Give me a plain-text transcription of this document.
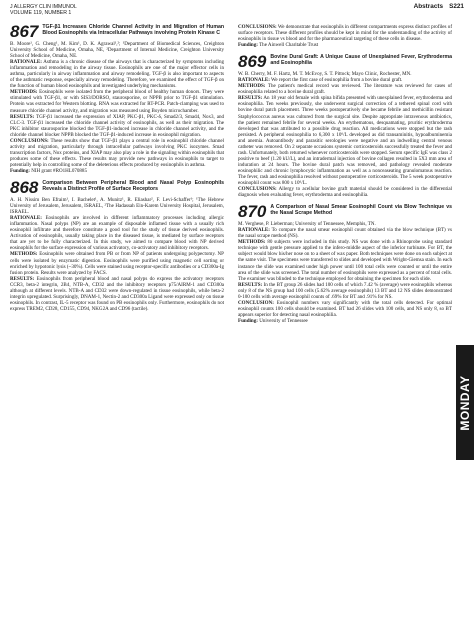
J ALLERGY CLIN IMMUNOL
VOLUME 119, NUMBER 1
Abstracts S221
867 TGF-β1 Increases Chloride Channel Activity in and Migration of Human Blood Eosinophils via Intracellular Pathways involving Protein Kinase C
B. Moore¹, G. Cheng¹, M. Kim¹, D. K. Agrawal¹,²; ¹Department of Biomedical Sciences, Creighton University School of Medicine, Omaha, NE, ²Department of Internal Medicine, Creighton University School of Medicine, Omaha, NE.

RATIONALE: Asthma is a chronic disease of the airways that is characterized by symptoms including inflammation and remodeling in the airway tissue. Eosinophils are one of the major effector cells in asthma, particularly in airway inflammation and airway remodeling. TGF-β is also important to aspects of the asthmatic response, especially airway remodeling. Therefore, we examined the effect of TGF-β on the function of human blood eosinophils and investigated underlying mechanisms.

METHODS: Eosinophils were isolated from the peripheral blood of healthy human donors. They were stimulated with TGF-β1, or with SIS3/DORSO, staurosporine, or NPPB prior to TGF-β1 stimulation. Protein was extracted for Western blotting. RNA was extracted for RT-PCR. Patch-clamping was used to measure chloride channel activity, and migration was measured using Boyden microchamber.

RESULTS: TGF-β1 increased the expression of XIAP, PKC-β1, PKC-δ, Smad2/3, Smad4, Nox3, and CLC-3. TGF-β1 increased the chloride channel activity of eosinophils, as well as their migration. The PKC inhibitor staurosporine blocked the TGF-β1-induced increase in chloride channel activity, and the chloride channel blocker NPPB blocked the TGF-β1-induced increase in eosinophil migration.

CONCLUSIONS: These results show that TGF-β1 plays a central role in eosinophil chloride channel activity and migration, particularly through intracellular pathways involving PKC isozymes. Smad transcription factors, Nox proteins, and XIAP may also play a role in the signaling within eosinophils that produces some of these effects. These results may provide new pathways in eosinophils to target to potentially help in controlling some of the deleterious effects produced by eosinophils in asthma.

Funding: NIH grant #RO1HL070885

868 Comparison Between Peripheral Blood and Nasal Polyp Eosinophils Reveals a Distinct Profile of Surface Receptors
A. H. Nissim Ben Efraim¹, I. Bachelet¹, A. Munitz¹, R. Eliashar², F. Levi-Schaffer¹; ¹The Hebrew University of Jerusalem, Jerusalem, ISRAEL, ²The Hadassah Ein-Karem University Hospital, Jerusalem, ISRAEL.

RATIONALE: Eosinophils are involved in different inflammatory processes including allergic inflammation. Nasal polyps (NP) are an example of disposable inflamed tissue with a usually rich eosinophil infiltrate and therefore constitute a good tool for the study of tissue derived eosinophils. Activation of eosinophils, usually taking place in the diseased tissue, is mediated by surface receptors that are yet to be fully characterized. In this study, we aimed to compare blood with NP derived eosinophils for the surface expression of various activatory, co-activatory and inhibitory receptors.

METHODS: Eosinophils were obtained from PB or from NP of patients undergoing polypectomy. NP cells were isolated by enzymatic digestion. Eosinophils were purified using magnetic cell sorting or enriched by hypotonic lysis (~30%). Cells were stained using receptor-specific antibodies or a CD300a-Ig fusion protein. Results were analyzed by FACS.

RESULTS: Eosinophils from peripheral blood and nasal polyps do express the activatory receptors CCR3, beta-2 integrin, 2B4, NTB-A, CD32 and the inhibitory receptors p75/AIRM-1 and CD300a although at different levels. NTB-A and CD32 were down-regulated in tissue eosinophils, while beta-2 integrin upregulated. Surprisingly, DNAM-1, Nectin-2 and CD300a Ligand were expressed only on tissue eosinophils. In contrast, IL-5 receptor was found on PB eosinophils only. Furthermore, eosinophils do not express TREM2, CD28, CD155, CD94, NKG2A and CD96 (tactile).

CONCLUSIONS: We demonstrate that eosinophils in different compartments express distinct profiles of surface receptors. These different profiles should be kept in mind for the understanding of the activity of eosinophils in tissue vs blood and for the pharmaceutical targeting of these cells in disease.

Funding: The Ainwell Charitable Trust

869 Bovine Dural Graft: A Unique Cause of Unexplained Fever, Erythroderma and Eosinophilia
W. B. Cherry, M. F. Hartz, M. T. McEvoy, S. T. Pittock; Mayo Clinic, Rochester, MN.

RATIONALE: We report the first case of eosinophilia from a bovine dural graft.

METHODS: The patient's medical record was reviewed. The literature was reviewed for cases of eosinophilia related to a bovine dural graft.

RESULTS: An 18 year old female with spina bifida presented with unexplained fever, erythroderma and eosinophilia. Ten weeks previously, she underwent surgical correction of a tethered spinal cord with bovine dural patch placement. Three weeks postoperatively she became febrile and methicillin resistant Staphylococcus aureus was cultured from the surgical site. Despite appropriate intravenous antibiotics, the patient remained febrile for several weeks. An erythematous, desquamating, pruritic erythroderma developed that was attributed to a possible drug reaction. All medications were stopped but the rash persisted. A peripheral eosinophilia to 6,300 x 10⁶/L developed as did transaminitis, hypoalbuminemia and anemia. Autoantibody and parasitic serologies were negative and an indwelling central venous catheter was removed. On 2 separate occasions systemic corticosteroids successfully treated the fever and rash. Unfortunately, both returned whenever corticosteroids were stopped. Serum specific IgE was class 2 positive to beef (1.20 kU/L), and an intradermal injection of bovine collagen resulted in 5X3 mm area of induration at 24 hours. The bovine dural patch was removed, and pathology revealed moderate eosinophilic and chronic lymphocytic inflammation as well as a nonceaseating granulomatous reaction. The fever, rash and eosinophilia resolved without postoperative corticosteroids. The 5 week postoperative eosinophil count was 800 x 10⁶/L.

CONCLUSIONS: Allergy to acellular bovine graft material should be considered in the differential diagnosis when evaluating fever, erythroderma and eosinophilia.

870 A Comparison of Nasal Smear Eosinophil Count via Blow Technique vs the Nasal Scrape Method
M. Verghese, P. Lieberman; University of Tennessee, Memphis, TN.

RATIONALE: To compare the nasal smear eosinophil count obtained via the blow technique (BT) vs the nasal scrape method (NS).

METHODS: 80 subjects were included in this study. NS was done with a Rhinoprobe using standard technique with gentle pressure applied to the infero-middle aspect of the inferior turbinate. For BT, the subject would blow his/her nose on to a sheet of wax paper. Both techniques were done on each subject at the same visit. The specimens were transferred to slides and developed with Wright-Giemsa stain. In each instance the slide was examined under high power until 100 total cells were counted or until the entire area of the slide was screened. The total number of eosinophils were expressed as a percent of total cells. The examiner was blinded to the technique employed for obtaining the specimen for each slide.

RESULTS: In the BT group 26 slides had 100 cells of which 7.42 % (average) were eosinophils whereas only 8 of the NS group had 100 cells (5.62% average eosinophils) 13 BT and 12 NS slides demonstrated 0-100 cells with average eosinophil counts of .69% for BT and .91% for NS.

CONCLUSION: Eosinophil numbers vary significantly with the total cells detected. For optimal eosinophil counts 100 cells should be examined. BT had 26 slides with 100 cells, and NS only 8, so BT appears superior for detecting nasal eosinophilia.

Funding: University of Tennessee

MONDAY
